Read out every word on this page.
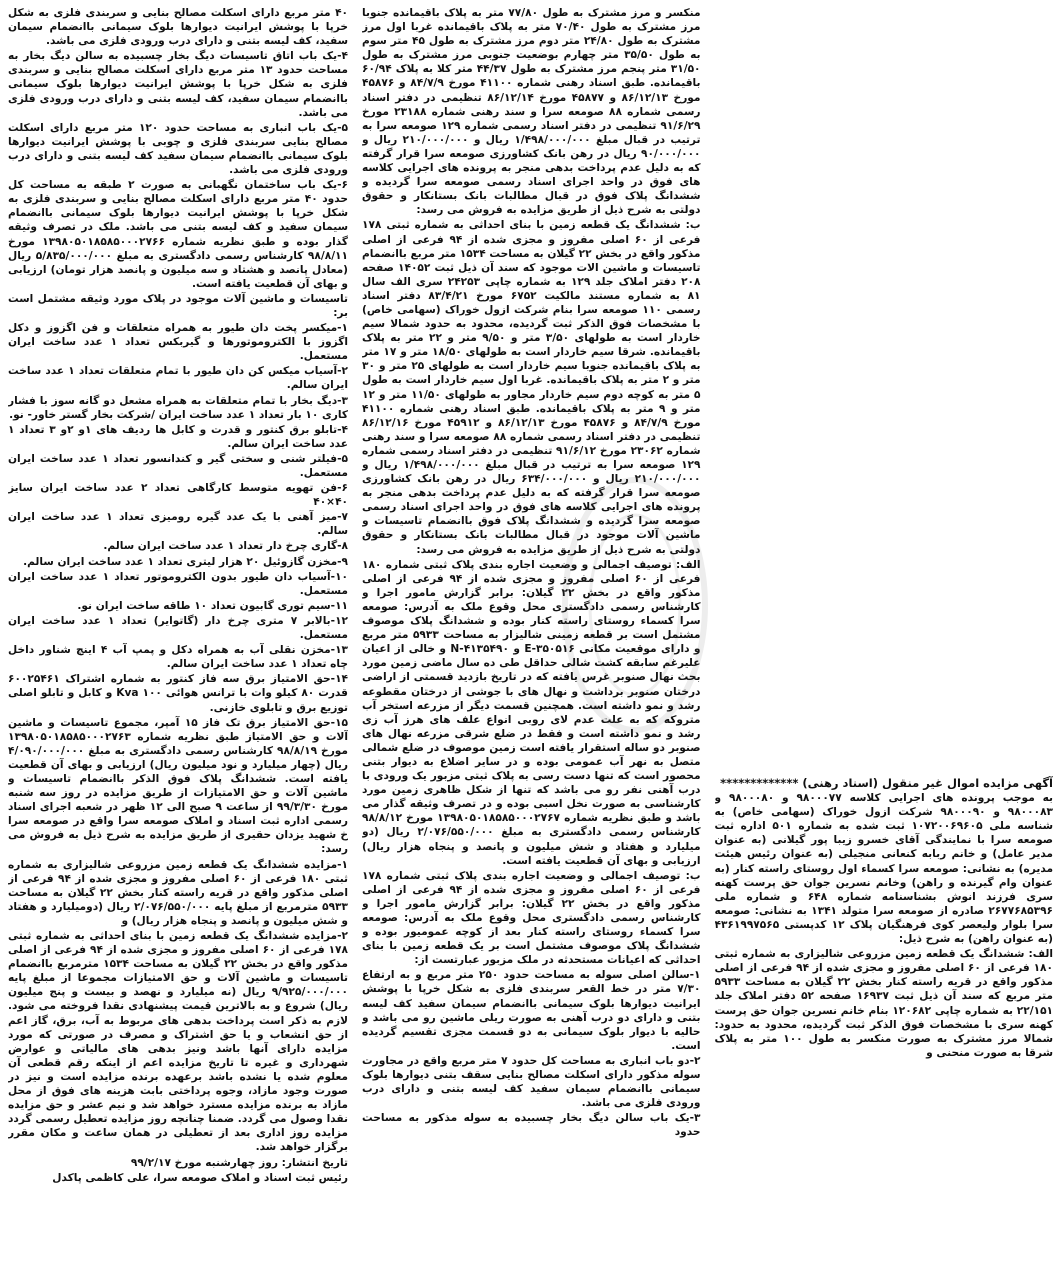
۴۰ متر مربع دارای اسکلت مصالح بنایی و سربندی فلزی به شکل خرپا با پوشش ایرانیت دیوارها بلوک سیمانی باانضمام سیمان سفید، کف لیسه بتنی و دارای درب ورودی فلزی می باشد.

۴-یک باب اتاق تاسیسات دیگ بخار چسبیده به سالن دیگ بخار به مساحت حدود ۱۳ متر مربع دارای اسکلت مصالح بنایی و سربندی فلزی به شکل خرپا با پوشش ایرانیت دیوارها بلوک سیمانی باانضمام سیمان سفید، کف لیسه بتنی و دارای درب ورودی فلزی می باشد.

۵-یک باب انباری به مساحت حدود ۱۲۰ متر مربع دارای اسکلت مصالح بنایی سربندی فلزی و چوبی با پوشش ایرانیت دیوارها بلوک سیمانی باانضمام سیمان سفید کف لیسه بتنی و دارای درب ورودی فلزی می باشد.

۶-یک باب ساختمان نگهبانی به صورت ۲ طبقه به مساحت کل حدود ۴۰ متر مربع دارای اسکلت مصالح بنایی و سربندی فلزی به شکل خرپا با پوشش ایرانیت دیوارها بلوک سیمانی باانضمام سیمان سفید و کف لیسه بتنی می باشد. ملک در تصرف وثیقه گذار بوده و طبق نظریه شماره ۱۳۹۸۰۵۰۱۸۵۸۵۰۰۰۲۷۶۶ مورخ ۹۸/۸/۱۱ کارشناس رسمی دادگستری به مبلغ ۵/۸۳۵/۰۰۰/۰۰۰ ریال (معادل پانصد و هشتاد و سه میلیون و پانصد هزار تومان) ارزیابی و بهای آن قطعیت یافته است.

تاسیسات و ماشین آلات موجود در پلاک مورد وثیقه مشتمل است بر:

۱-میکسر پخت دان طیور به همراه متعلقات و فن اگزوز و دکل اگزوز با الکتروموتورها و گیربکس تعداد ۱ عدد ساخت ایران مستعمل.

۲-آسیاب میکس کن دان طیور با تمام متعلقات تعداد ۱ عدد ساخت ایران سالم.

۳-دیگ بخار با تمام متعلقات به همراه مشعل دو گانه سوز با فشار کاری ۱۰ بار تعداد ۱ عدد ساخت ایران /شرکت بخار گستر خاور- نو.

۴-تابلو برق کنتور و قدرت و کابل ها ردیف های ۱و ۲و ۳ تعداد ۱ عدد ساخت ایران سالم.

۵-فیلتر شنی و سختی گیر و کندانسور تعداد ۱ عدد ساخت ایران مستعمل.

۶-فن تهویه متوسط کارگاهی تعداد ۲ عدد ساخت ایران سایز ۴۰×۴۰

۷-میز آهنی با یک عدد گیره رومیزی تعداد ۱ عدد ساخت ایران سالم.

۸-گاری چرخ دار تعداد ۱ عدد ساخت ایران سالم.

۹-مخزن گازوئیل ۲۰ هزار لیتری تعداد ۱ عدد ساخت ایران سالم.

۱۰-آسیاب دان طیور بدون الکتروموتور تعداد ۱ عدد ساخت ایران مستعمل.

۱۱-سیم توری گابیون تعداد ۱۰ طاقه ساخت ایران نو.

۱۲-بالابر ۷ متری چرخ دار (گاتوایر) تعداد ۱ عدد ساخت ایران مستعمل.

۱۳-مخزن نقلی آب به همراه دکل و پمپ آب ۴ اینچ شناور داخل چاه تعداد ۱ عدد ساخت ایران سالم.

۱۴-حق الامتیاز برق سه فاز کنتور به شماره اشتراک ۶۰۰۲۵۴۶۱ قدرت ۸۰ کیلو وات با ترانس هوائی ۱۰۰ Kva و کابل و تابلو اصلی توزیع برق و تابلوی خازنی.

۱۵-حق الامتیاز برق تک فاز ۱۵ آمپر، مجموع تاسیسات و ماشین آلات و حق الامتیاز طبق نظریه شماره ۱۳۹۸۰۵۰۱۸۵۸۵۰۰۰۲۷۶۳ مورخ ۹۸/۸/۱۹ کارشناس رسمی دادگستری به مبلغ ۴/۰۹۰/۰۰۰/۰۰۰ ریال (چهار میلیارد و نود میلیون ریال) ارزیابی و بهای آن قطعیت یافته است. ششدانگ پلاک فوق الذکر باانضمام تاسیسات و ماشین آلات و حق الامتیازات از طریق مزایده در روز سه شنبه مورخ ۹۹/۳/۳۰ از ساعت ۹ صبح الی ۱۲ ظهر در شعبه اجرای اسناد رسمی اداره ثبت اسناد و املاک صومعه سرا واقع در صومعه سرا خ شهید یزدان حقیری از طریق مزایده به شرح ذیل به فروش می رسد:

۱-مزایده ششدانگ یک قطعه زمین مزروعی شالیزاری به شماره ثبتی ۱۸۰ فرعی از ۶۰ اصلی مفروز و مجزی شده از ۹۴ فرعی از اصلی مذکور واقع در قریه راسته کنار بخش ۲۲ گیلان به مساحت ۵۹۳۳ مترمربع از مبلغ پایه ۲/۰۷۶/۵۵۰/۰۰۰ ریال (دومیلیارد و هفتاد و شش میلیون و پانصد و پنجاه هزار ریال) و

۲-مزایده ششدانگ یک قطعه زمین با بنای احداثی به شماره ثبتی ۱۷۸ فرعی از ۶۰ اصلی مفروز و مجزی شده از ۹۴ فرعی از اصلی مذکور واقع در بخش ۲۲ گیلان به مساحت ۱۵۳۴ مترمربع باانضمام تاسیسات و ماشین آلات و حق الامتیازات مجموعا از مبلغ پایه ۹/۹۲۵/۰۰۰/۰۰۰ ریال (نه میلیارد و نهصد و بیست و پنج میلیون ریال) شروع و به بالاترین قیمت پیشنهادی نقدا فروخته می شود. لازم به ذکر است پرداخت بدهی های مربوط به آب، برق، گاز اعم از حق انشعاب و یا حق اشتراک و مصرف در صورتی که مورد مزایده دارای آنها باشد ونیز بدهی های مالیاتی و عوارض شهرداری و غیره تا تاریخ مزایده اعم از اینکه رقم قطعی آن معلوم شده یا نشده باشد برعهده برنده مزایده است و نیز در صورت وجود مازاد، وجوه پرداختی بابت هزینه های فوق از محل مازاد به برنده مزایده مسترد خواهد شد و نیم عشر و حق مزایده نقدا وصول می گردد. ضمنا چنانچه روز مزایده تعطیل رسمی گردد مزایده روز اداری بعد از تعطیلی در همان ساعت و مکان مقرر برگزار خواهد شد.

تاریخ انتشار: روز چهارشنبه مورخ ۹۹/۲/۱۷

رئیس ثبت اسناد و املاک صومعه سرا، علی کاظمی پاکدل

منکسر و مرز مشترک به طول ۷۷/۸۰ متر به پلاک باقیمانده جنوبا مرز مشترک به طول ۷۰/۴۰ متر به پلاک باقیمانده غربا اول مرز مشترک به طول ۲۴/۸۰ متر دوم مرز مشترک به طول ۴۵ متر سوم به طول ۳۵/۵۰ متر چهارم بوضعیت جنوبی مرز مشترک به طول ۳۱/۵۰ متر پنجم مرز مشترک به طول ۴۴/۳۷ متر کلا به پلاک ۶۰/۹۴ باقیمانده. طبق اسناد رهنی شماره ۴۱۱۰۰ مورخ ۸۴/۷/۹ و ۴۵۸۷۶ مورخ ۸۶/۱۲/۱۳ و ۴۵۸۷۷ مورخ ۸۶/۱۲/۱۴ تنظیمی در دفتر اسناد رسمی شماره ۸۸ صومعه سرا و سند رهنی شماره ۲۳۱۸۸ مورخ ۹۱/۶/۲۹ تنظیمی در دفتر اسناد رسمی شماره ۱۲۹ صومعه سرا به ترتیب در قبال مبلغ ۱/۴۹۸/۰۰۰/۰۰۰ ریال و ۲۱۰/۰۰۰/۰۰۰ ریال و ۹۰/۰۰۰/۰۰۰ ریال در رهن بانک کشاورزی صومعه سرا قرار گرفته که به دلیل عدم پرداخت بدهی منجر به پرونده های اجرایی کلاسه های فوق در واحد اجرای اسناد رسمی صومعه سرا گردیده و ششدانگ پلاک فوق در قبال مطالبات بانک بستانکار و حقوق دولتی به شرح ذیل از طریق مزایده به فروش می رسد:

ب: ششدانگ یک قطعه زمین با بنای احداثی به شماره ثبتی ۱۷۸ فرعی از ۶۰ اصلی مفروز و مجزی شده از ۹۴ فرعی از اصلی مذکور واقع در بخش ۲۲ گیلان به مساحت ۱۵۳۴ متر مربع باانضمام تاسیسات و ماشین الات موجود که سند آن ذیل ثبت ۱۴۰۵۲ صفحه ۲۰۸ دفتر املاک جلد ۱۲۹ به شماره چاپی ۲۴۲۵۳ سری الف سال ۸۱ به شماره مستند مالکیت ۶۷۵۲ مورخ ۸۳/۴/۲۱ دفتر اسناد رسمی ۱۱۰ صومعه سرا بنام شرکت ازول خوراک (سهامی خاص) با مشخصات فوق الذکر ثبت گردیده، محدود به حدود شمالا سیم خاردار است به طولهای ۳/۵۰ متر و ۹/۵۰ متر و ۲۲ متر به پلاک باقیمانده. شرقا سیم خاردار است به طولهای ۱۸/۵۰ متر و ۱۷ متر به پلاک باقیمانده جنوبا سیم خاردار است به طولهای ۲۵ متر و ۳۰ متر و ۲ متر به پلاک باقیمانده. غربا اول سیم خاردار است به طول ۵ متر به کوچه دوم سیم خاردار مجاور به طولهای ۱۱/۵۰ متر و ۱۲ متر و ۹ متر به پلاک باقیمانده. طبق اسناد رهنی شماره ۴۱۱۰۰ مورخ ۸۴/۷/۹ و ۴۵۸۷۶ مورخ ۸۶/۱۲/۱۳ و ۴۵۹۱۲ مورخ ۸۶/۱۲/۱۶ تنظیمی در دفتر اسناد رسمی شماره ۸۸ صومعه سرا و سند رهنی شماره ۲۳۰۶۲ مورخ ۹۱/۶/۱۲ تنظیمی در دفتر اسناد رسمی شماره ۱۲۹ صومعه سرا به ترتیب در قبال مبلغ ۱/۴۹۸/۰۰۰/۰۰۰ ریال و ۲۱۰/۰۰۰/۰۰۰ ریال و ۶۳۴/۰۰۰/۰۰۰ ریال در رهن بانک کشاورزی صومعه سرا قرار گرفته که به دلیل عدم پرداخت بدهی منجر به پرونده های اجرایی کلاسه های فوق در واحد اجرای اسناد رسمی صومعه سرا گردیده و ششدانگ پلاک فوق باانضمام تاسیسات و ماشین آلات موجود در قبال مطالبات بانک بستانکار و حقوق دولتی به شرح ذیل از طریق مزایده به فروش می رسد:

الف: توصیف اجمالی و وضعیت اجاره بندی پلاک ثبتی شماره ۱۸۰ فرعی از ۶۰ اصلی مفروز و مجزی شده از ۹۴ فرعی از اصلی مذکور واقع در بخش ۲۲ گیلان: برابر گزارش مامور اجرا و کارشناس رسمی دادگستری محل وقوع ملک به آدرس: صومعه سرا کسماء روستای راسته کنار بوده و ششدانگ پلاک موصوف مشتمل است بر قطعه زمینی شالیزار به مساحت ۵۹۳۳ متر مربع و دارای موقعیت مکانی ۳۵۰۵۱۶-E و ۴۱۳۵۴۹۰-N و خالی از اعیان علیرغم سابقه کشت شالی حداقل طی ده سال ماضی زمین مورد بحث نهال صنوبر غرس یافته که در تاریخ بازدید قسمتی از اراضی درختان صنوبر برداشت و نهال های با جوشی از درختان مقطوعه رشد و نمو داشته است. همچنین قسمت دیگر از مزرعه استخر آب متروکه که به علت عدم لای روبی انواع علف های هرز آب زی رشد و نمو داشته است و فقط در ضلع شرقی مزرعه نهال های صنوبر دو ساله استقرار یافته است زمین موصوف در ضلع شمالی متصل به نهر آب عمومی بوده و در سایر اضلاع به دیوار بتنی محصور است که تنها دست رسی به پلاک ثبتی مزبور یک ورودی با درب آهنی نفر رو می باشد که تنها از شکل ظاهری زمین مورد کارشناسی به صورت نخل اسبی بوده و در تصرف وثیقه گذار می باشد و طبق نظریه شماره ۱۳۹۸۰۵۰۱۸۵۸۵۰۰۰۲۷۶۷ مورخ ۹۸/۸/۱۲ کارشناس رسمی دادگستری به مبلغ ۲/۰۷۶/۵۵۰/۰۰۰ ریال (دو میلیارد و هفتاد و شش میلیون و پانصد و پنجاه هزار ریال) ارزیابی و بهای آن قطعیت یافته است.

ب: توصیف اجمالی و وضعیت اجاره بندی پلاک ثبتی شماره ۱۷۸ فرعی از ۶۰ اصلی مفروز و مجزی شده از ۹۴ فرعی از اصلی مذکور واقع در بخش ۲۲ گیلان: برابر گزارش مامور اجرا و کارشناس رسمی دادگستری محل وقوع ملک به آدرس: صومعه سرا کسماء روستای راسته کنار بعد از کوچه عمومیور بوده و ششدانگ پلاک موصوف مشتمل است بر یک قطعه زمین با بنای احداثی که اعیانات مستحدثه در ملک مزبور عبارتست از:

۱-سالن اصلی سوله به مساحت حدود ۲۵۰ متر مربع و به ارتفاع ۷/۳۰ متر در خط القعر سربندی فلزی به شکل خرپا با پوشش ایرانیت دیوارها بلوک سیمانی باانضمام سیمان سفید کف لیسه بتنی و دارای دو درب آهنی به صورت ریلی ماشین رو می باشد و حالیه با دیوار بلوک سیمانی به دو قسمت مجزی تقسیم گردیده است.

۲-دو باب انباری به مساحت کل حدود ۷ متر مربع واقع در مجاورت سوله مذکور دارای اسکلت مصالح بنایی سقف بتنی دیوارها بلوک سیمانی باانضمام سیمان سفید کف لیسه بتنی و دارای درب ورودی فلزی می باشد.

۳-یک باب سالن دیگ بخار چسبیده به سوله مذکور به مساحت حدود

آگهی مزایده اموال غیر منقول (اسناد رهنی) *************

به موجب پرونده های اجرایی کلاسه ۹۸۰۰۰۷۷ و ۹۸۰۰۰۸۰ و ۹۸۰۰۰۸۳ و ۹۸۰۰۰۹۰ شرکت ازول خوراک (سهامی خاص) به شناسه ملی ۱۰۷۲۰۰۶۹۶۰۵ ثبت شده به شماره ۵۰۱ اداره ثبت صومعه سرا با نمایندگی آقای خسرو زیبا پور گیلانی (به عنوان مدیر عامل) و خانم ربابه کنعانی منجیلی (به عنوان رئیس هیئت مدیره) به نشانی: صومعه سرا کسماء اول روستای راسته کنار (به عنوان وام گیرنده و راهن) وخانم نسرین جوان حق پرست کهنه سری فرزند انوش بشناسنامه شماره ۶۴۸ و شماره ملی ۲۶۷۷۶۸۵۳۹۶ صادره از صومعه سرا متولد ۱۳۴۱ به نشانی: صومعه سرا بلوار ولیعصر کوی فرهنگیان پلاک ۱۲ کدپستی ۴۳۶۱۹۹۷۵۶۵ (به عنوان راهن) به شرح ذیل:

الف: ششدانگ یک قطعه زمین مزروعی شالیزاری به شماره ثبتی ۱۸۰ فرعی از ۶۰ اصلی مفروز و مجزی شده از ۹۴ فرعی از اصلی مذکور واقع در قریه راسته کنار بخش ۲۲ گیلان به مساحت ۵۹۳۳ متر مربع که سند آن ذیل ثبت ۱۶۹۳۷ صفحه ۵۲ دفتر املاک جلد ۲۲/۱۵۱ به شماره چاپی ۱۲۰۶۸۲ بنام خانم نسرین جوان حق پرست کهنه سری با مشخصات فوق الذکر ثبت گردیده، محدود به حدود: شمالا مرز مشترک به صورت منکسر به طول ۱۰۰ متر به پلاک شرقا به صورت منحنی و
